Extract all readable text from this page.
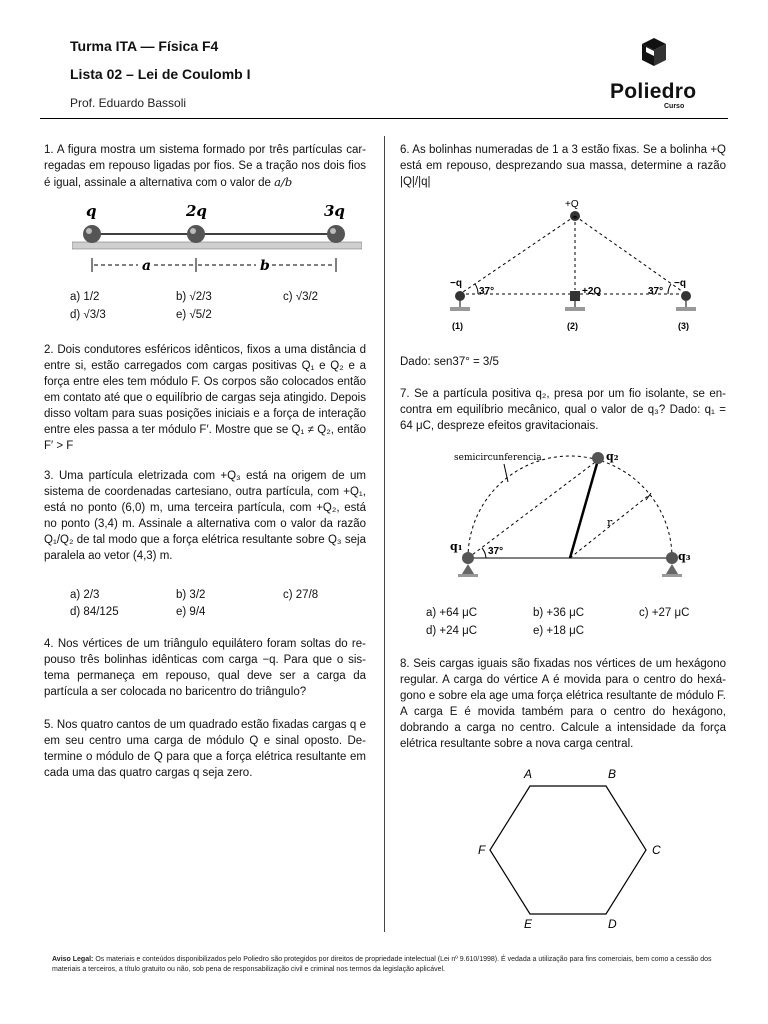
Turma ITA — Física F4
Lista 02 – Lei de Coulomb I
Prof. Eduardo Bassoli	Poliedro
Curso
1. A figura mostra um sistema formado por três partículas car-regadas em repouso ligadas por fios. Se a tração nos dois fios é igual, assinale a alternativa com o valor de a/b
q	2q	3q
a	b
a) 1/2	b) √2/3	c) √3/2
d) √3/3	e) √5/2
2. Dois condutores esféricos idênticos, fixos a uma distância d entre si, estão carregados com cargas positivas Q₁ e Q₂ e a força entre eles tem módulo F. Os corpos são colocados então em contato até que o equilíbrio de cargas seja atingido. Depois disso voltam para suas posições iniciais e a força de interação entre eles passa a ter módulo F′. Mostre que se Q₁ ≠ Q₂, então F′ > F
3. Uma partícula eletrizada com +Q₃ está na origem de um sistema de coordenadas cartesiano, outra partícula, com +Q₁, está no ponto (6,0) m, uma terceira partícula, com +Q₂, está no ponto (3,4) m. Assinale a alternativa com o valor da razão Q₁/Q₂ de tal modo que a força elétrica resultante sobre Q₃ seja paralela ao vetor (4,3) m.
a) 2/3	b) 3/2	c) 27/8
d) 84/125	e) 9/4
4. Nos vértices de um triângulo equilátero foram soltas do re-pouso três bolinhas idênticas com carga −q. Para que o sis-tema permaneça em repouso, qual deve ser a carga da partícula a ser colocada no baricentro do triângulo?
5. Nos quatro cantos de um quadrado estão fixadas cargas q e em seu centro uma carga de módulo Q e sinal oposto. De-termine o módulo de Q para que a força elétrica resultante em cada uma das quatro cargas q seja zero.
6. As bolinhas numeradas de 1 a 3 estão fixas. Se a bolinha +Q está em repouso, desprezando sua massa, determine a razão |Q|/|q|
+Q
−q
37°
(1)
+2Q
(2)
−q
37°
(3)
Dado: sen37° = 3/5
7. Se a partícula positiva q₂, presa por um fio isolante, se en-contra em equilíbrio mecânico, qual o valor de q₃? Dado: q₁ = 64 μC, despreze efeitos gravitacionais.
semicircunferencia
r
q₂
q₁	37°	q₃
a) +64 μC	b) +36 μC	c) +27 μC
d) +24 μC	e) +18 μC
8. Seis cargas iguais são fixadas nos vértices de um hexágono regular. A carga do vértice A é movida para o centro do hexá-gono e sobre ela age uma força elétrica resultante de módulo F. A carga E é movida também para o centro do hexágono, dobrando a carga no centro. Calcule a intensidade da força elétrica resultante sobre a nova carga central.
A	B
C
D
E
F
Aviso Legal: Os materiais e conteúdos disponibilizados pelo Poliedro são protegidos por direitos de propriedade intelectual (Lei nº 9.610/1998). É vedada a utilização para fins comerciais, bem como a cessão dos materiais a terceiros, a título gratuito ou não, sob pena de responsabilização civil e criminal nos termos da legislação aplicável.
